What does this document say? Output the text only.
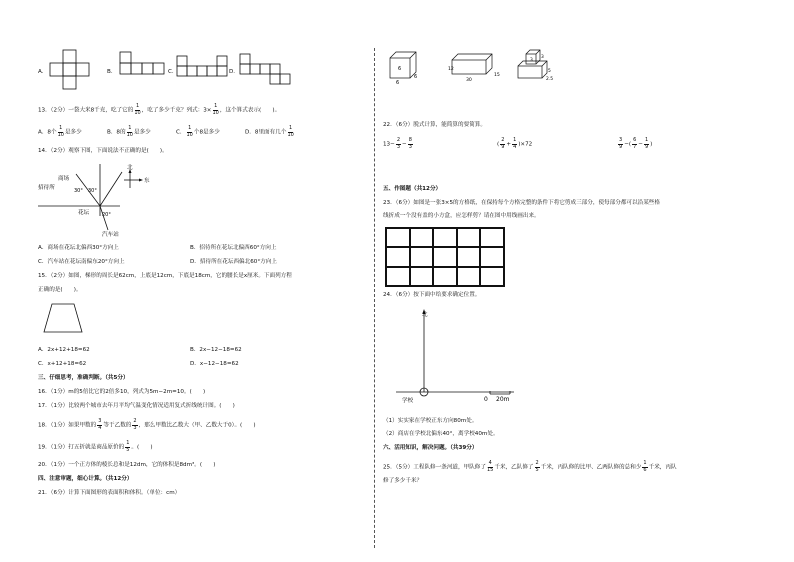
A.	B.	C.	D.
13．（2分）一袋大米8千克，吃了它的 $\frac{1}{10}$ ，吃了多少千克？列式：$3\times \frac{1}{10}$ ，这个算式表示(　　)。
A．8个 $\frac{1}{10}$ 是多少	B．8的 $\frac{1}{10}$ 是多少	C． $\frac{1}{10}$ 个8是多少	D．8里面有几个 $\frac{1}{10}$
14．（2分）观察下图，下面说法不正确的是(　　)。
商场
招待所	30° 30°
花坛	20°
汽车站
北
东
A．商场在花坛北偏西30°方向上	B．招待所在花坛北偏西60°方向上
C．汽车站在花坛南偏东20°方向上	D．招待所在花坛西偏北60°方向上
15．（2分）如图，梯形的周长是62cm，上底是12cm，下底是18cm，它的腰长是x厘米。下面列方程
正确的是(　　)。
A．2x+12+18=62	B．2x−12−18=62
C．x+12+18=62	D．x−12−18=62
三、仔细思考，准确判断。（共5分）
16．（1分）m的5倍比它的2倍多10，列式为5m−2m=10。(　　)
17．（1分）比较两个城市去年月平均气温变化情况适用复式折线统计图。(　　)
18．（1分）如果甲数的 $\frac{3}{4}$ 等于乙数的 $\frac{2}{3}$ ，那么甲数比乙数大（甲、乙数大于0）。(　　)
19．（1分）打五折就是商品原价的 $\frac{1}{5}$ 。(　　)
20．（1分）一个正方体的棱长总和是12dm，它的体积是8dm³。(　　)
四、注意审题，细心计算。（共12分）
21．（6分）计算下面图形的表面积和体积。（单位：cm）
6
6
6
12
30
15
3
3
5
2.5
22．（6分）脱式计算，能简算的要简算。
$13- \frac{2}{3} - \frac{8}{3}$	( $\frac{2}{9} + \frac{1}{4} )\times 72$	$\frac{3}{9}$ −( $\frac{6}{7} - \frac{1}{9}$ )
五、作图题（共12分）
23．（6分）如图是一张3×5的方格纸，在保持每个方格完整的条件下将它剪成三部分，使每部分都可以沿某些格
线折成一个没有盖的小方盒，应怎样剪？请在图中用线画出来。
24．（6分）按下面中给要求确定位置。
北
学校	0 20m
（1）实实家在学校正东方向80m处。
（2）商店在学校北偏东40°，离学校40m处。
六、活用知识，解决问题。（共39分）
25．（5分）工程队修一条河道，甲队修了 $\frac{4}{15}$ 千米，乙队修了 $\frac{2}{5}$ 千米，丙队修的比甲、乙两队修的总和少 $\frac{1}{6}$ 千米，丙队
修了多少千米？
